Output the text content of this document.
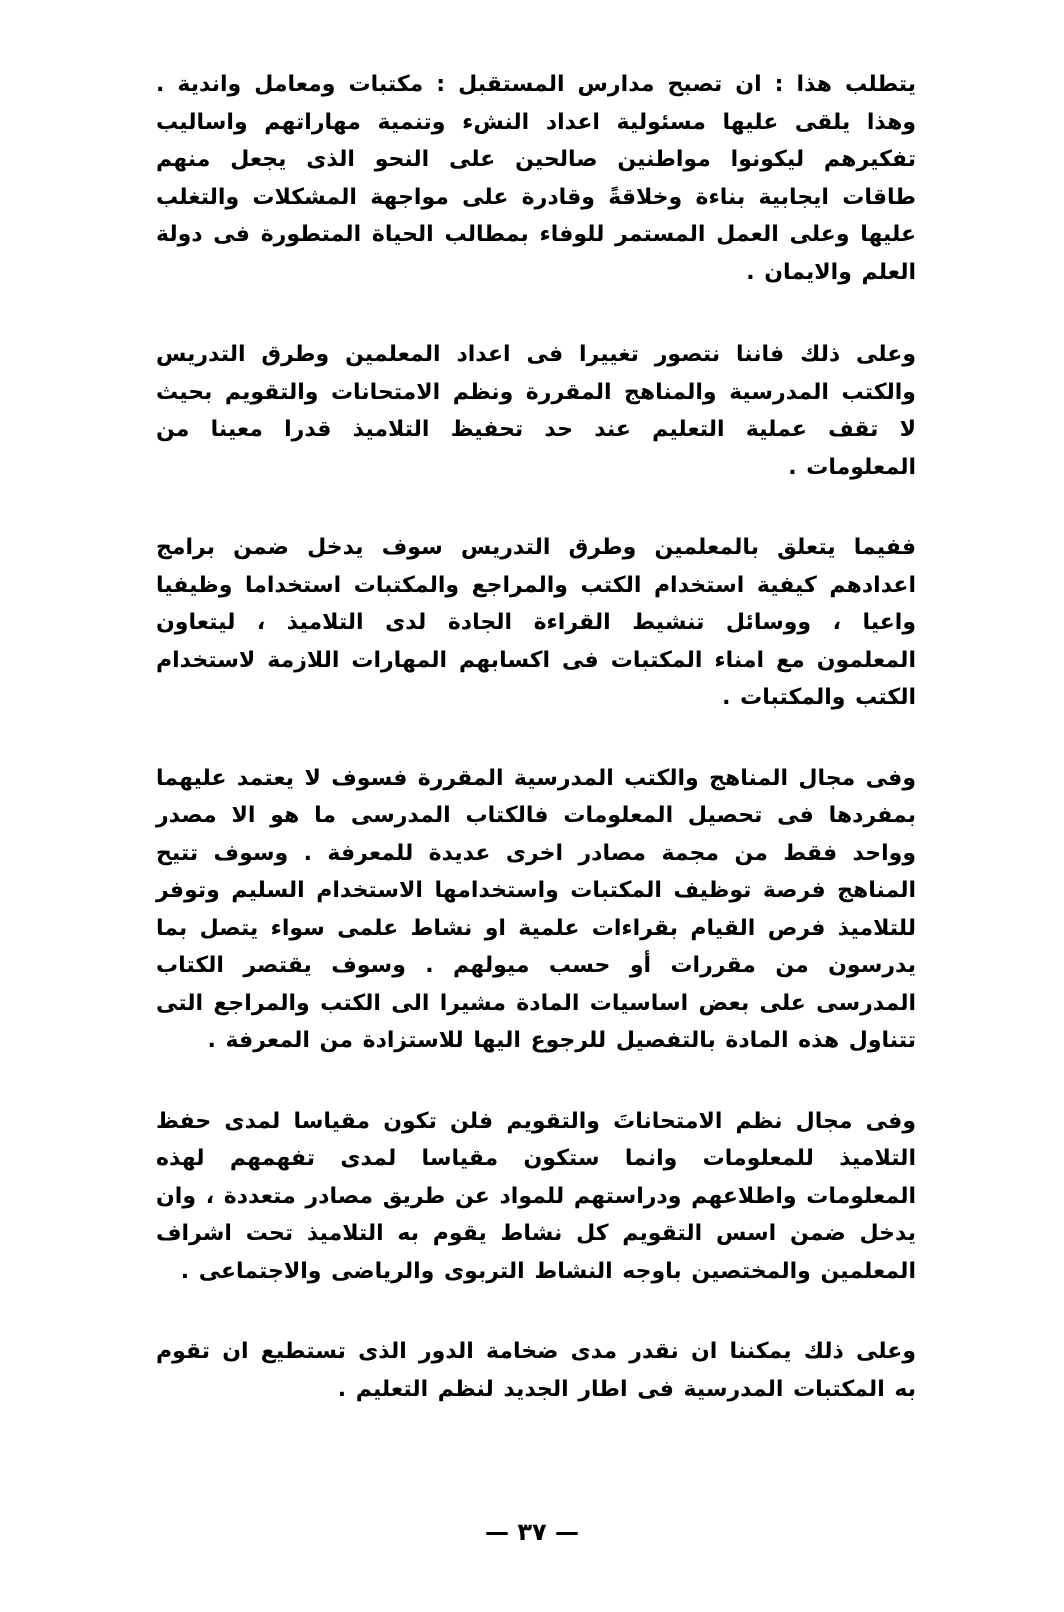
يتطلب هذا : ان تصبح مدارس المستقبل : مكتبات ومعامل واندية . وهذا يلقى عليها مسئولية اعداد النشء وتنمية مهاراتهم واساليب تفكيرهم ليكونوا مواطنين صالحين على النحو الذى يجعل منهم طاقات ايجابية بناءة وخلاقةً وقادرة على مواجهة المشكلات والتغلب عليها وعلى العمل المستمر للوفاء بمطالب الحياة المتطورة فى دولة العلم والايمان .

وعلى ذلك فاننا نتصور تغييرا فى اعداد المعلمين وطرق التدريس والكتب المدرسية والمناهج المقررة ونظم الامتحانات والتقويم بحيث لا تقف عملية التعليم عند حد تحفيظ التلاميذ قدرا معينا من المعلومات .

ففيما يتعلق بالمعلمين وطرق التدريس سوف يدخل ضمن برامج اعدادهم كيفية استخدام الكتب والمراجع والمكتبات استخداما وظيفيا واعيا ، ووسائل تنشيط القراءة الجادة لدى التلاميذ ، ليتعاون المعلمون مع امناء المكتبات فى اكسابهم المهارات اللازمة لاستخدام الكتب والمكتبات .

وفى مجال المناهج والكتب المدرسية المقررة فسوف لا يعتمد عليهما بمفردها فى تحصيل المعلومات فالكتاب المدرسى ما هو الا مصدر وواحد فقط من مجمة مصادر اخرى عديدة للمعرفة . وسوف تتيح المناهج فرصة توظيف المكتبات واستخدامها الاستخدام السليم وتوفر للتلاميذ فرص القيام بقراءات علمية او نشاط علمى سواء يتصل بما يدرسون من مقررات أو حسب ميولهم . وسوف يقتصر الكتاب المدرسى على بعض اساسيات المادة مشيرا الى الكتب والمراجع التى تتناول هذه المادة بالتفصيل للرجوع اليها للاستزادة من المعرفة .

وفى مجال نظم الامتحاناتَ والتقويم فلن تكون مقياسا لمدى حفظ التلاميذ للمعلومات وانما ستكون مقياسا لمدى تفهمهم لهذه المعلومات واطلاعهم ودراستهم للمواد عن طريق مصادر متعددة ، وان يدخل ضمن اسس التقويم كل نشاط يقوم به التلاميذ تحت اشراف المعلمين والمختصين باوجه النشاط التربوى والرياضى والاجتماعى .

وعلى ذلك يمكننا ان نقدر مدى ضخامة الدور الذى تستطيع ان تقوم به المكتبات المدرسية فى اطار الجديد لنظم التعليم .

— ٣٧ —
